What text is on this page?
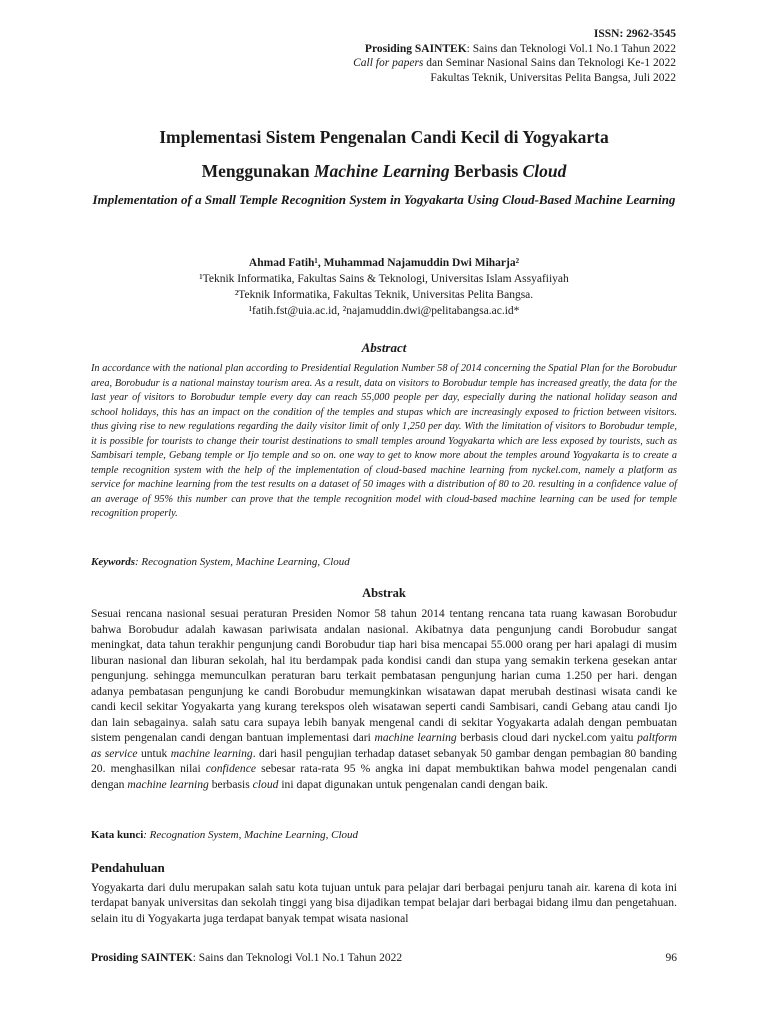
ISSN: 2962-3545
Prosiding SAINTEK: Sains dan Teknologi Vol.1 No.1 Tahun 2022
Call for papers dan Seminar Nasional Sains dan Teknologi Ke-1 2022
Fakultas Teknik, Universitas Pelita Bangsa, Juli 2022
Implementasi Sistem Pengenalan Candi Kecil di Yogyakarta
Menggunakan Machine Learning Berbasis Cloud
Implementation of a Small Temple Recognition System in Yogyakarta Using Cloud-Based Machine Learning
Ahmad Fatih¹, Muhammad Najamuddin Dwi Miharja²
¹Teknik Informatika, Fakultas Sains & Teknologi, Universitas Islam Assyafiiyah
²Teknik Informatika, Fakultas Teknik, Universitas Pelita Bangsa.
¹fatih.fst@uia.ac.id, ²najamuddin.dwi@pelitabangsa.ac.id*
Abstract
In accordance with the national plan according to Presidential Regulation Number 58 of 2014 concerning the Spatial Plan for the Borobudur area, Borobudur is a national mainstay tourism area. As a result, data on visitors to Borobudur temple has increased greatly, the data for the last year of visitors to Borobudur temple every day can reach 55,000 people per day, especially during the national holiday season and school holidays, this has an impact on the condition of the temples and stupas which are increasingly exposed to friction between visitors. thus giving rise to new regulations regarding the daily visitor limit of only 1,250 per day. With the limitation of visitors to Borobudur temple, it is possible for tourists to change their tourist destinations to small temples around Yogyakarta which are less exposed by tourists, such as Sambisari temple, Gebang temple or Ijo temple and so on. one way to get to know more about the temples around Yogyakarta is to create a temple recognition system with the help of the implementation of cloud-based machine learning from nyckel.com, namely a platform as service for machine learning from the test results on a dataset of 50 images with a distribution of 80 to 20. resulting in a confidence value of an average of 95% this number can prove that the temple recognition model with cloud-based machine learning can be used for temple recognition properly.
Keywords: Recognation System, Machine Learning, Cloud
Abstrak
Sesuai rencana nasional sesuai peraturan Presiden Nomor 58 tahun 2014 tentang rencana tata ruang kawasan Borobudur bahwa Borobudur adalah kawasan pariwisata andalan nasional. Akibatnya data pengunjung candi Borobudur sangat meningkat, data tahun terakhir pengunjung candi Borobudur tiap hari bisa mencapai 55.000 orang per hari apalagi di musim liburan nasional dan liburan sekolah, hal itu berdampak pada kondisi candi dan stupa yang semakin terkena gesekan antar pengunjung. sehingga memunculkan peraturan baru terkait pembatasan pengunjung harian cuma 1.250 per hari. dengan adanya pembatasan pengunjung ke candi Borobudur memungkinkan wisatawan dapat merubah destinasi wisata candi ke candi kecil sekitar Yogyakarta yang kurang terekspos oleh wisatawan seperti candi Sambisari, candi Gebang atau candi Ijo dan lain sebagainya. salah satu cara supaya lebih banyak mengenal candi di sekitar Yogyakarta adalah dengan pembuatan sistem pengenalan candi dengan bantuan implementasi dari machine learning berbasis cloud dari nyckel.com yaitu paltform as service untuk machine learning. dari hasil pengujian terhadap dataset sebanyak 50 gambar dengan pembagian 80 banding 20. menghasilkan nilai confidence sebesar rata-rata 95 % angka ini dapat membuktikan bahwa model pengenalan candi dengan machine learning berbasis cloud ini dapat digunakan untuk pengenalan candi dengan baik.
Kata kunci: Recognation System, Machine Learning, Cloud
Pendahuluan
Yogyakarta dari dulu merupakan salah satu kota tujuan untuk para pelajar dari berbagai penjuru tanah air. karena di kota ini terdapat banyak universitas dan sekolah tinggi yang bisa dijadikan tempat belajar dari berbagai bidang ilmu dan pengetahuan. selain itu di Yogyakarta juga terdapat banyak tempat wisata nasional
Prosiding SAINTEK: Sains dan Teknologi Vol.1 No.1 Tahun 2022	96
